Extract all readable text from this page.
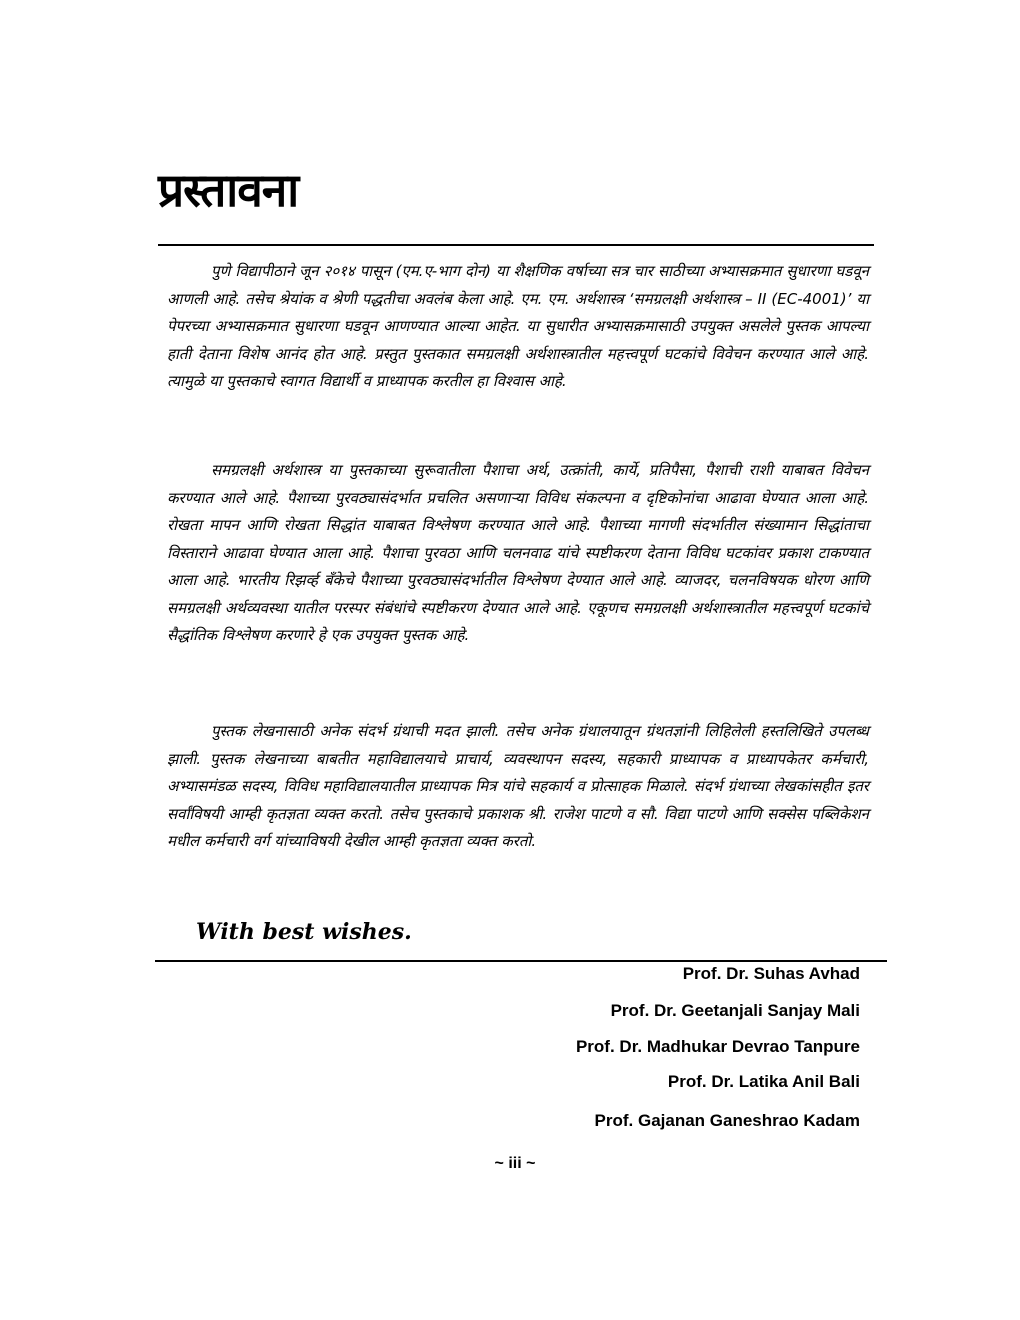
प्रस्तावना

पुणे विद्यापीठाने जून २०१४ पासून (एम.ए-भाग दोन) या शैक्षणिक वर्षाच्या सत्र चार साठीच्या अभ्यासक्रमात सुधारणा घडवून आणली आहे. तसेच श्रेयांक व श्रेणी पद्धतीचा अवलंब केला आहे. एम. एम. अर्थशास्त्र ‘समग्रलक्षी अर्थशास्त्र – II (EC-4001)’ या पेपरच्या अभ्यासक्रमात सुधारणा घडवून आणण्यात आल्या आहेत. या सुधारीत अभ्यासक्रमासाठी उपयुक्त असलेले पुस्तक आपल्या हाती देताना विशेष आनंद होत आहे. प्रस्तुत पुस्तकात समग्रलक्षी अर्थशास्त्रातील महत्त्वपूर्ण घटकांचे विवेचन करण्यात आले आहे. त्यामुळे या पुस्तकाचे स्वागत विद्यार्थी व प्राध्यापक करतील हा विश्वास आहे.

समग्रलक्षी अर्थशास्त्र या पुस्तकाच्या सुरूवातीला पैशाचा अर्थ, उत्क्रांती, कार्ये, प्रतिपैसा, पैशाची राशी याबाबत विवेचन करण्यात आले आहे. पैशाच्या पुरवठ्यासंदर्भात प्रचलित असणाऱ्या विविध संकल्पना व दृष्टिकोनांचा आढावा घेण्यात आला आहे. रोखता मापन आणि रोखता सिद्धांत याबाबत विश्लेषण करण्यात आले आहे. पैशाच्या मागणी संदर्भातील संख्यामान सिद्धांताचा विस्ताराने आढावा घेण्यात आला आहे. पैशाचा पुरवठा आणि चलनवाढ यांचे स्पष्टीकरण देताना विविध घटकांवर प्रकाश टाकण्यात आला आहे. भारतीय रिझर्व्ह बँकेचे पैशाच्या पुरवठ्यासंदर्भातील विश्लेषण देण्यात आले आहे. व्याजदर, चलनविषयक धोरण आणि समग्रलक्षी अर्थव्यवस्था यातील परस्पर संबंधांचे स्पष्टीकरण देण्यात आले आहे. एकूणच समग्रलक्षी अर्थशास्त्रातील महत्त्वपूर्ण घटकांचे सैद्धांतिक विश्लेषण करणारे हे एक उपयुक्त पुस्तक आहे.

पुस्तक लेखनासाठी अनेक संदर्भ ग्रंथाची मदत झाली. तसेच अनेक ग्रंथालयातून ग्रंथतज्ञांनी लिहिलेली हस्तलिखिते उपलब्ध झाली. पुस्तक लेखनाच्या बाबतीत महाविद्यालयाचे प्राचार्य, व्यवस्थापन सदस्य, सहकारी प्राध्यापक व प्राध्यापकेतर कर्मचारी, अभ्यासमंडळ सदस्य, विविध महाविद्यालयातील प्राध्यापक मित्र यांचे सहकार्य व प्रोत्साहक मिळाले. संदर्भ ग्रंथाच्या लेखकांसहीत इतर सर्वांविषयी आम्ही कृतज्ञता व्यक्त करतो. तसेच पुस्तकाचे प्रकाशक श्री. राजेश पाटणे व सौ. विद्या पाटणे आणि सक्सेस पब्लिकेशन मधील कर्मचारी वर्ग यांच्याविषयी देखील आम्ही कृतज्ञता व्यक्त करतो.

With best wishes.
Prof. Dr. Suhas Avhad
Prof. Dr. Geetanjali Sanjay Mali
Prof. Dr. Madhukar Devrao Tanpure
Prof. Dr. Latika Anil Bali
Prof. Gajanan Ganeshrao Kadam
~ iii ~
